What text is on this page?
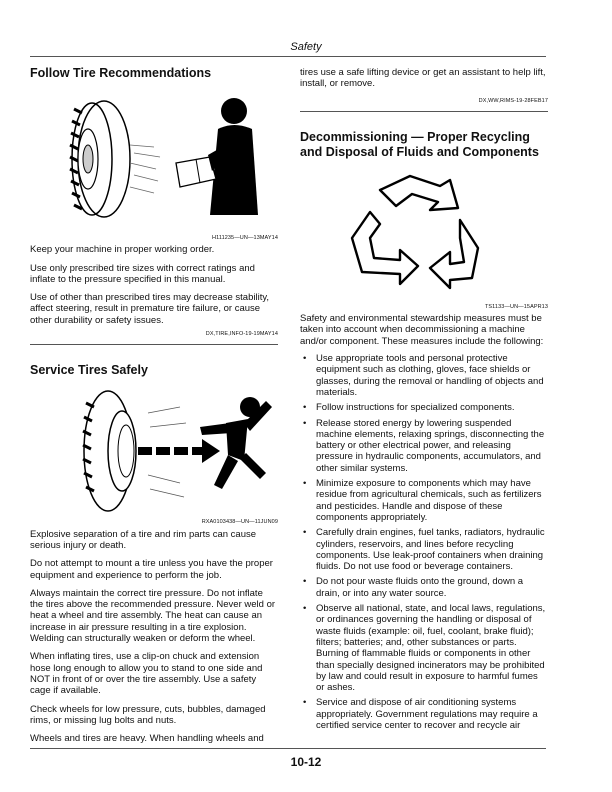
Safety
Follow Tire Recommendations
H111235—UN—13MAY14

Keep your machine in proper working order.

Use only prescribed tire sizes with correct ratings and inflate to the pressure specified in this manual.

Use of other than prescribed tires may decrease stability, affect steering, result in premature tire failure, or cause other durability or safety issues.

DX,TIRE,INFO-19-19MAY14
Service Tires Safely
RXA0103438—UN—11JUN09

Explosive separation of a tire and rim parts can cause serious injury or death.

Do not attempt to mount a tire unless you have the proper equipment and experience to perform the job.

Always maintain the correct tire pressure. Do not inflate the tires above the recommended pressure. Never weld or heat a wheel and tire assembly. The heat can cause an increase in air pressure resulting in a tire explosion. Welding can structurally weaken or deform the wheel.

When inflating tires, use a clip-on chuck and extension hose long enough to allow you to stand to one side and NOT in front of or over the tire assembly. Use a safety cage if available.

Check wheels for low pressure, cuts, bubbles, damaged rims, or missing lug bolts and nuts.

Wheels and tires are heavy. When handling wheels and

tires use a safe lifting device or get an assistant to help lift, install, or remove.

DX,WW,RIMS-19-28FEB17
Decommissioning — Proper Recycling and Disposal of Fluids and Components
TS1133—UN—15APR13

Safety and environmental stewardship measures must be taken into account when decommissioning a machine and/or component. These measures include the following:

• Use appropriate tools and personal protective equipment such as clothing, gloves, face shields or glasses, during the removal or handling of objects and materials.
• Follow instructions for specialized components.
• Release stored energy by lowering suspended machine elements, relaxing springs, disconnecting the battery or other electrical power, and releasing pressure in hydraulic components, accumulators, and other similar systems.
• Minimize exposure to components which may have residue from agricultural chemicals, such as fertilizers and pesticides. Handle and dispose of these components appropriately.
• Carefully drain engines, fuel tanks, radiators, hydraulic cylinders, reservoirs, and lines before recycling components. Use leak-proof containers when draining fluids. Do not use food or beverage containers.
• Do not pour waste fluids onto the ground, down a drain, or into any water source.
• Observe all national, state, and local laws, regulations, or ordinances governing the handling or disposal of waste fluids (example: oil, fuel, coolant, brake fluid); filters; batteries; and, other substances or parts. Burning of flammable fluids or components in other than specially designed incinerators may be prohibited by law and could result in exposure to harmful fumes or ashes.
• Service and dispose of air conditioning systems appropriately. Government regulations may require a certified service center to recover and recycle air
10-12
